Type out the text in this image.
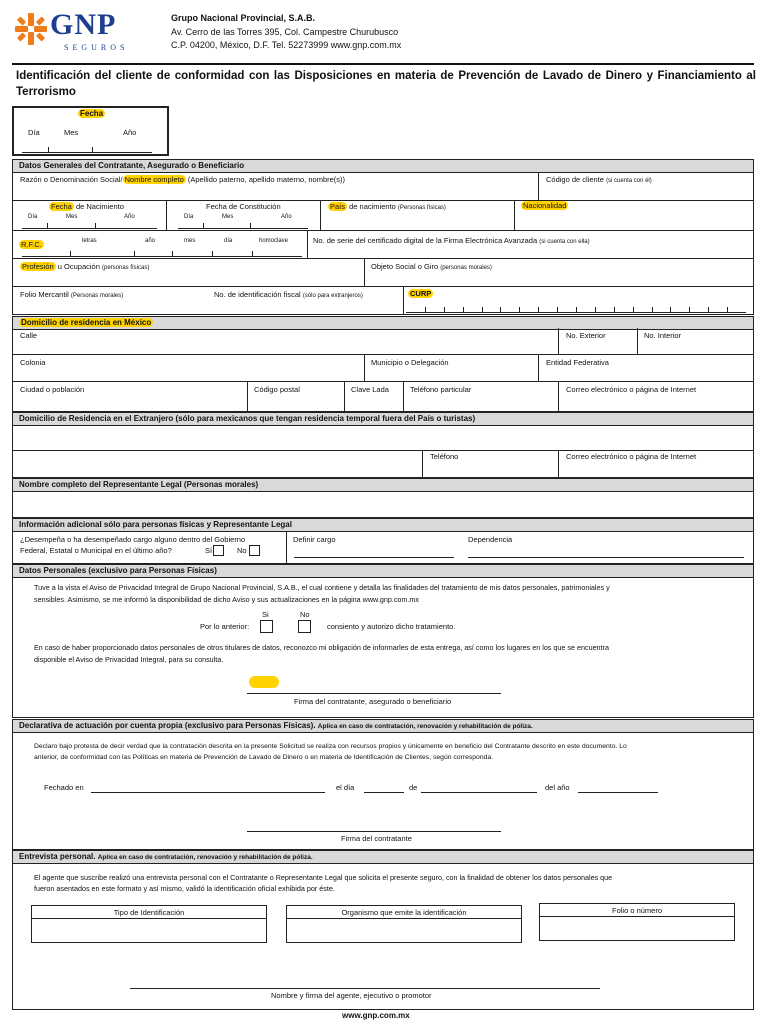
GNP
SEGUROS
Grupo Nacional Provincial, S.A.B.
Av. Cerro de las Torres 395, Col. Campestre Churubusco
C.P. 04200, México, D.F. Tel. 52273999 www.gnp.com.mx
Identificación del cliente de conformidad con las Disposiciones en materia de Prevención de Lavado de Dinero y Financiamiento al Terrorismo
Fecha
Día	Mes	Año
Datos Generales del Contratante, Asegurado o Beneficiario
Razón o Denominación Social/ Nombre completo (Apellido paterno, apellido materno, nombre(s))	Código de cliente (si cuenta con él)
Fecha de Nacimiento	Fecha de Constitución	País de nacimiento (Personas físicas)	Nacionalidad
Día	Mes	Año	Día	Mes	Año
R.F.C.	letras	año	mes	día	homoclave	No. de serie del certificado digital de la Firma Electrónica Avanzada (si cuenta con ella)
Profesión u Ocupación (personas físicas)	Objeto Social o Giro (personas morales)
Folio Mercantil (Personas morales)	No. de identificación fiscal (sólo para extranjeros)	CURP
Domicilio de residencia en México
Calle	No. Exterior	No. Interior
Colonia	Municipio o Delegación	Entidad Federativa
Ciudad o población	Código postal	Clave Lada	Teléfono particular	Correo electrónico o página de Internet
Domicilio de Residencia en el Extranjero (sólo para mexicanos que tengan residencia temporal fuera del País o turistas)
Teléfono	Correo electrónico o página de Internet
Nombre completo del Representante Legal (Personas morales)
Información adicional sólo para personas físicas y Representante Legal
¿Desempeña o ha desempeñado cargo alguno dentro del Gobierno
Federal, Estatal o Municipal en el último año?	Sí	No
Definir cargo	Dependencia
Datos Personales (exclusivo para Personas Físicas)
Tuve a la vista el Aviso de Privacidad Integral de Grupo Nacional Provincial, S.A.B., el cual contiene y detalla las finalidades del tratamiento de mis datos personales, patrimoniales y
sensibles. Asimismo, se me informó la disponibilidad de dicho Aviso y sus actualizaciones en la página www.gnp.com.mx
Si	No
Por lo anterior:	consiento y autorizo dicho tratamiento.
En caso de haber proporcionado datos personales de otros titulares de datos, reconozco mi obligación de informarles de esta entrega, así como los lugares en los que se encuentra
disponible el Aviso de Privacidad Integral, para su consulta.
Firma del contratante, asegurado o beneficiario
Declarativa de actuación por cuenta propia (exclusivo para Personas Físicas). Aplica en caso de contratación, renovación y rehabilitación de póliza.
Declaro bajo protesta de decir verdad que la contratación descrita en la presente Solicitud se realiza con recursos propios y únicamente en beneficio del Contratante descrito en este documento. Lo
anterior, de conformidad con las Políticas en materia de Prevención de Lavado de Dinero o en materia de Identificación de Clientes, según corresponda.
Fechado en	el día	de	del año
Firma del contratante
Entrevista personal. Aplica en caso de contratación, renovación y rehabilitación de póliza.
El agente que suscribe realizó una entrevista personal con el Contratante o Representante Legal que solicita el presente seguro, con la finalidad de obtener los datos personales que
fueron asentados en este formato y así mismo, validó la identificación oficial exhibida por éste.
Tipo de Identificación	Organismo que emite la identificación	Folio o número
Nombre y firma del agente, ejecutivo o promotor
www.gnp.com.mx
